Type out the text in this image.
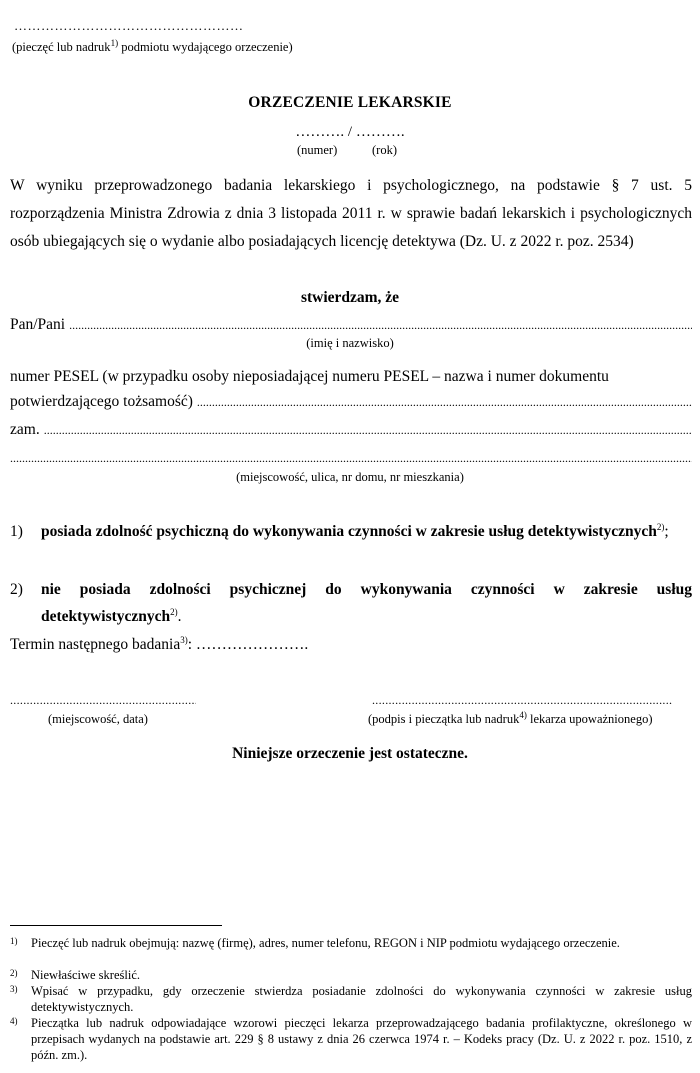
……………………………………………
(pieczęć lub nadruk$^{1)}$ podmiotu wydającego orzeczenie)
ORZECZENIE LEKARSKIE
………. / ……….
(numer)	(rok)
W wyniku przeprowadzonego badania lekarskiego i psychologicznego, na podstawie § 7 ust. 5 rozporządzenia Ministra Zdrowia z dnia 3 listopada 2011 r. w sprawie badań lekarskich i psychologicznych osób ubiegających się o wydanie albo posiadających licencję detektywa (Dz. U. z 2022 r. poz. 2534)
stwierdzam, że
Pan/Pani
.....
(imię i nazwisko)
numer PESEL (w przypadku osoby nieposiadającej numeru PESEL – nazwa i numer dokumentu
potwierdzającego tożsamość)
.....
zam.
.....
.....
(miejscowość, ulica, nr domu, nr mieszkania)
1) posiada zdolność psychiczną do wykonywania czynności w zakresie usług detektywistycznych$^{2)}$;
2) nie posiada zdolności psychicznej do wykonywania czynności w zakresie usług detektywistycznych$^{2)}$.
Termin następnego badania$^{3)}$: ………………….
.....
(miejscowość, data)
.....	(podpis i pieczątka lub nadruk$^{4)}$ lekarza upoważnionego)
Niniejsze orzeczenie jest ostateczne.
1) Pieczęć lub nadruk obejmują: nazwę (firmę), adres, numer telefonu, REGON i NIP podmiotu wydającego orzeczenie.
2) Niewłaściwe skreślić.
3) Wpisać w przypadku, gdy orzeczenie stwierdza posiadanie zdolności do wykonywania czynności w zakresie usług detektywistycznych.
4) Pieczątka lub nadruk odpowiadające wzorowi pieczęci lekarza przeprowadzającego badania profilaktyczne, określonego w przepisach wydanych na podstawie art. 229 § 8 ustawy z dnia 26 czerwca 1974 r. – Kodeks pracy (Dz. U. z 2022 r. poz. 1510, z późn. zm.).
